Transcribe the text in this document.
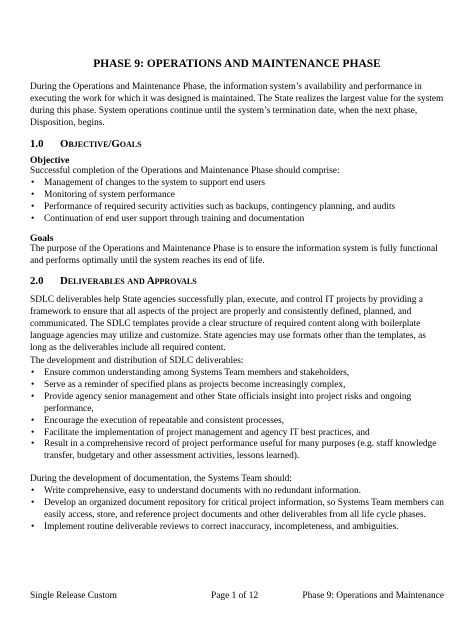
PHASE 9: OPERATIONS AND MAINTENANCE PHASE

During the Operations and Maintenance Phase, the information system’s availability and performance in executing the work for which it was designed is maintained. The State realizes the largest value for the system during this phase. System operations continue until the system’s termination date, when the next phase, Disposition, begins.

1.0	Objective/Goals
Objective

Successful completion of the Operations and Maintenance Phase should comprise:

• Management of changes to the system to support end users
• Monitoring of system performance
• Performance of required security activities such as backups, contingency planning, and audits
• Continuation of end user support through training and documentation
Goals

The purpose of the Operations and Maintenance Phase is to ensure the information system is fully functional and performs optimally until the system reaches its end of life.

2.0	Deliverables and Approvals

SDLC deliverables help State agencies successfully plan, execute, and control IT projects by providing a framework to ensure that all aspects of the project are properly and consistently defined, planned, and communicated. The SDLC templates provide a clear structure of required content along with boilerplate language agencies may utilize and customize. State agencies may use formats other than the templates, as long as the deliverables include all required content.

The development and distribution of SDLC deliverables:

• Ensure common understanding among Systems Team members and stakeholders,
• Serve as a reminder of specified plans as projects become increasingly complex,
• Provide agency senior management and other State officials insight into project risks and ongoing performance,
• Encourage the execution of repeatable and consistent processes,
• Facilitate the implementation of project management and agency IT best practices, and
• Result in a comprehensive record of project performance useful for many purposes (e.g. staff knowledge transfer, budgetary and other assessment activities, lessons learned).

During the development of documentation, the Systems Team should:

• Write comprehensive, easy to understand documents with no redundant information.
• Develop an organized document repository for critical project information, so Systems Team members can easily access, store, and reference project documents and other deliverables from all life cycle phases.
• Implement routine deliverable reviews to correct inaccuracy, incompleteness, and ambiguities.
Single Release Custom	Page 1 of 12	Phase 9: Operations and Maintenance
